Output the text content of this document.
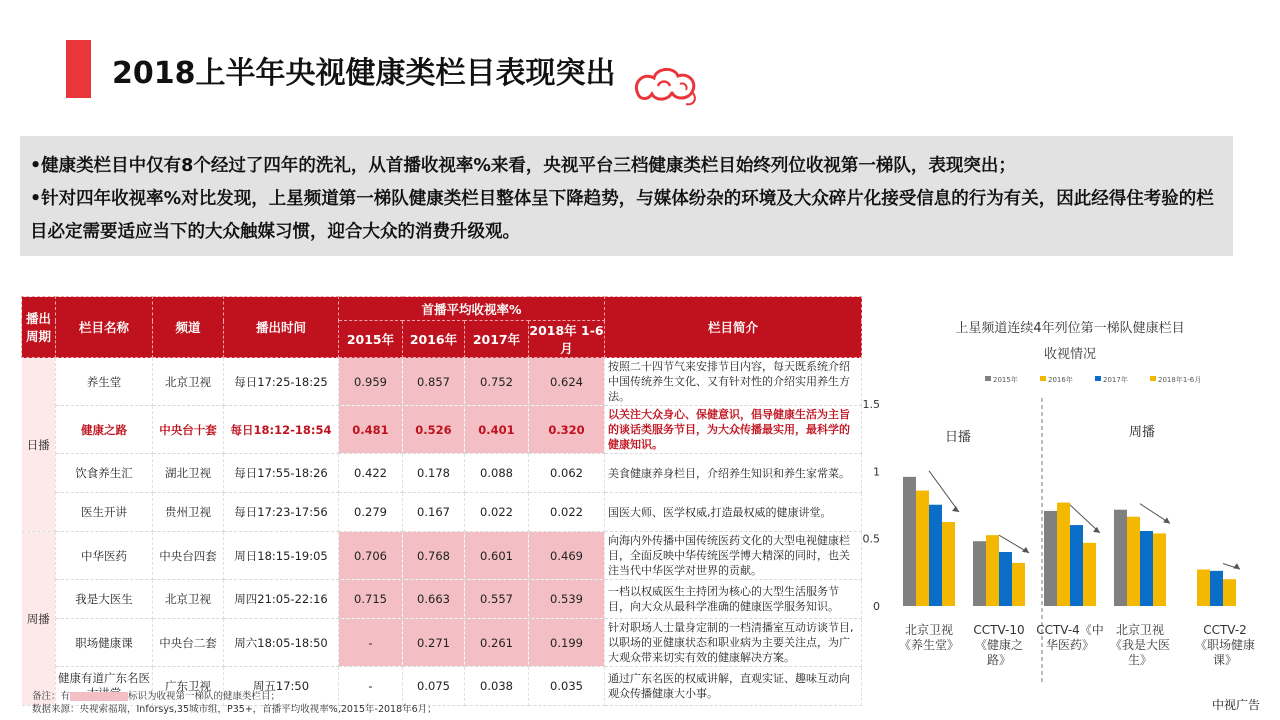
2018上半年央视健康类栏目表现突出
•健康类栏目中仅有8个经过了四年的洗礼，从首播收视率%来看，央视平台三档健康类栏目始终列位收视第一梯队，表现突出；
•针对四年收视率%对比发现，上星频道第一梯队健康类栏目整体呈下降趋势，与媒体纷杂的环境及大众碎片化接受信息的行为有关，因此经得住考验的栏目必定需要适应当下的大众触媒习惯，迎合大众的消费升级观。
播出周期	栏目名称	频道	播出时间	首播平均收视率%				栏目简介
				2015年	2016年	2017年	2018年 1-6月	
日播	养生堂	北京卫视	每日17:25-18:25	0.959	0.857	0.752	0.624	按照二十四节气来安排节目内容，每天既系统介绍中国传统养生文化、又有针对性的介绍实用养生方法。
	健康之路	中央台十套	每日18:12-18:54	0.481	0.526	0.401	0.320	以关注大众身心、保健意识，倡导健康生活为主旨的谈话类服务节目，为大众传播最实用，最科学的健康知识。
	饮食养生汇	湖北卫视	每日17:55-18:26	0.422	0.178	0.088	0.062	美食健康养身栏目，介绍养生知识和养生家常菜。
	医生开讲	贵州卫视	每日17:23-17:56	0.279	0.167	0.022	0.022	国医大师、医学权威,打造最权威的健康讲堂。
周播	中华医药	中央台四套	周日18:15-19:05	0.706	0.768	0.601	0.469	向海内外传播中国传统医药文化的大型电视健康栏目，全面反映中华传统医学博大精深的同时，也关注当代中华医学对世界的贡献。
	我是大医生	北京卫视	周四21:05-22:16	0.715	0.663	0.557	0.539	一档以权威医生主持团为核心的大型生活服务节目，向大众从最科学准确的健康医学服务知识。
	职场健康课	中央台二套	周六18:05-18:50	-	0.271	0.261	0.199	针对职场人士量身定制的一档清播室互动访谈节目,以职场的亚健康状态和职业病为主要关注点，为广大观众带来切实有效的健康解决方案。
	健康有道广东名医	广东卫视	周五17:50	-	0.075	0.038	0.035	通过广东名医的权威讲解，直观实证、趣味互动向观众传播健康大小事。
上星频道连续4年列位第一梯队健康栏目
收视情况
2015年	2016年	2017年	2018年1-6月
0
0.5
1
1.5
日播	周播
北京卫视《养生堂》
CCTV-10 《健康之路》
CCTV-4《中华医药》
北京卫视《我是大医生》
CCTV-2 《职场健康课》
备注：有	标识为收视第一梯队的健康类栏目；
数据来源：央视索福瑞，Inforsys,35城市组，P35+，首播平均收视率%,2015年-2018年6月；	中视广告
